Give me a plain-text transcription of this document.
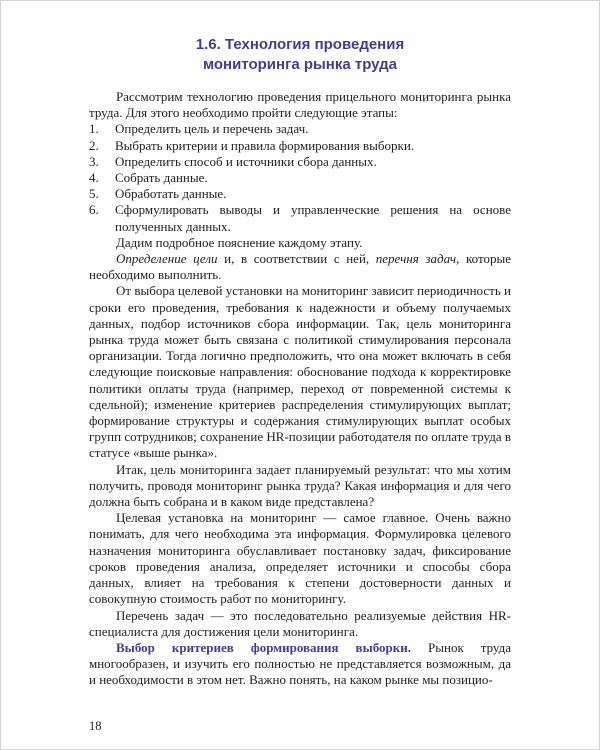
1.6. Технология проведения
мониторинга рынка труда

Рассмотрим технологию проведения прицельного мониторинга рынка труда. Для этого необходимо пройти следующие этапы:

1.	Определить цель и перечень задач.
2.	Выбрать критерии и правила формирования выборки.
3.	Определить способ и источники сбора данных.
4.	Собрать данные.
5.	Обработать данные.
6.	Сформулировать выводы и управленческие решения на основе полученных данных.

Дадим подробное пояснение каждому этапу.

Определение цели и, в соответствии с ней, перечня задач, которые необходимо выполнить.

От выбора целевой установки на мониторинг зависит периодичность и сроки его проведения, требования к надежности и объему получаемых данных, подбор источников сбора информации. Так, цель мониторинга рынка труда может быть связана с политикой стимулирования персонала организации. Тогда логично предположить, что она может включать в себя следующие поисковые направления: обоснование подхода к корректировке политики оплаты труда (например, переход от повременной системы к сдельной); изменение критериев распределения стимулирующих выплат; формирование структуры и содержания стимулирующих выплат особых групп сотрудников; сохранение HR-позиции работодателя по оплате труда в статусе «выше рынка».

Итак, цель мониторинга задает планируемый результат: что мы хотим получить, проводя мониторинг рынка труда? Какая информация и для чего должна быть собрана и в каком виде представлена?

Целевая установка на мониторинг — самое главное. Очень важно понимать, для чего необходима эта информация. Формулировка целевого назначения мониторинга обуславливает постановку задач, фиксирование сроков проведения анализа, определяет источники и способы сбора данных, влияет на требования к степени достоверности данных и совокупную стоимость работ по мониторингу.

Перечень задач — это последовательно реализуемые действия HR-специалиста для достижения цели мониторинга.

Выбор критериев формирования выборки. Рынок труда многообразен, и изучить его полностью не представляется возможным, да и необходимости в этом нет. Важно понять, на каком рынке мы позицио-

18
